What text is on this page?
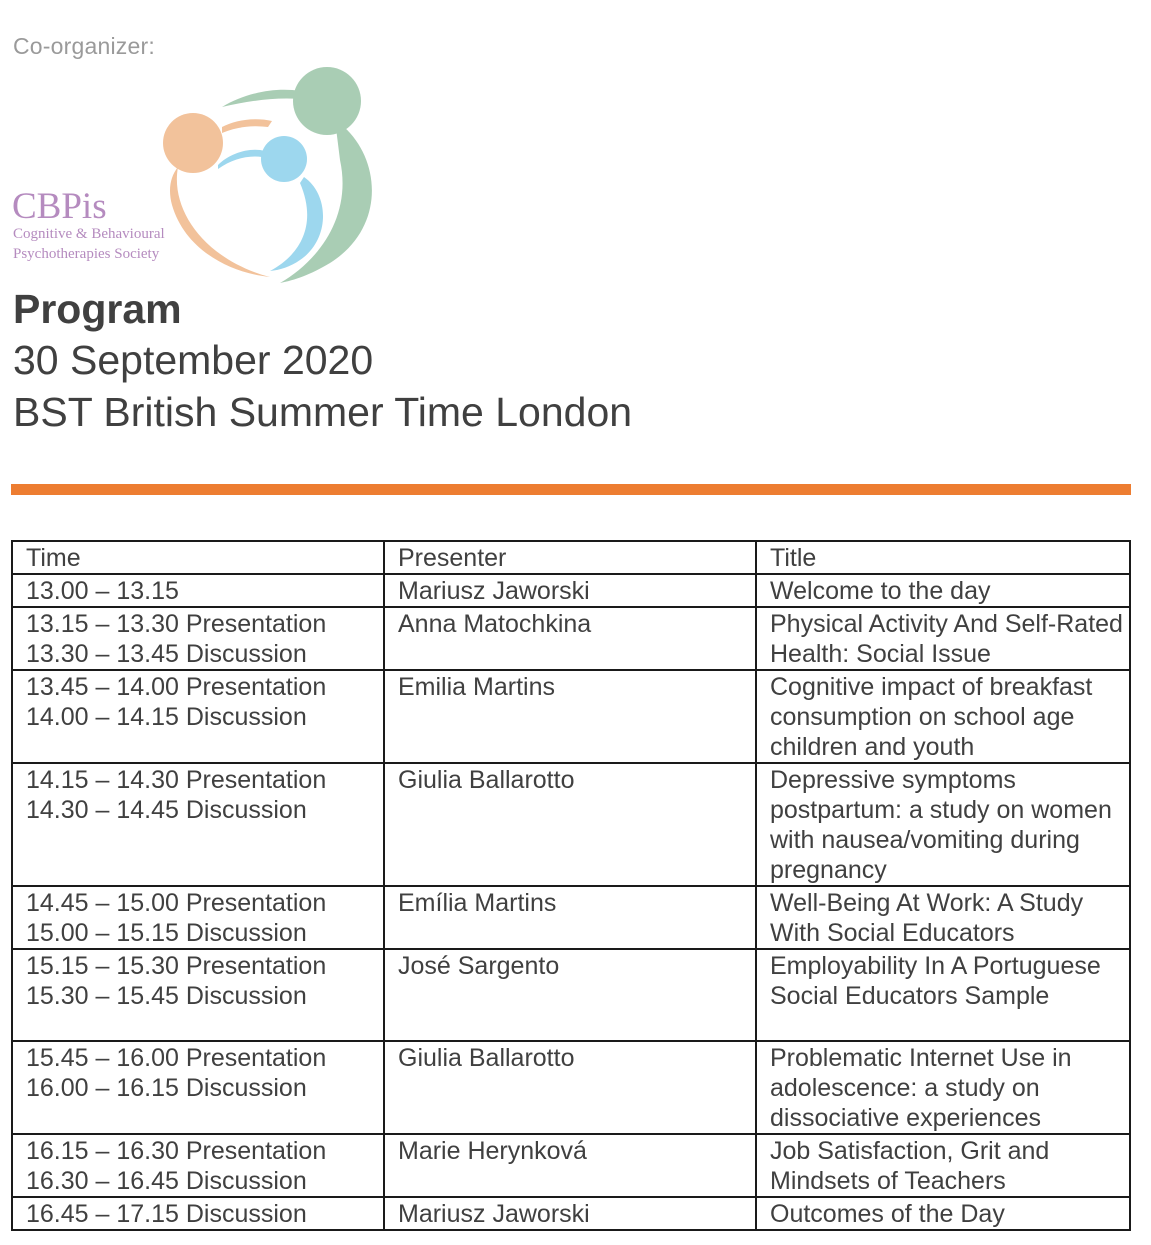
Co-organizer:
CBPis
Cognitive & Behavioural
Psychotherapies Society
Program
30 September 2020
BST British Summer Time London
Time	Presenter	Title

13.00 – 13.15	Mariusz Jaworski	Welcome to the day

13.15 – 13.30 Presentation
13.30 – 13.45 Discussion	Anna Matochkina	Physical Activity And Self-Rated Health: Social Issue

13.45 – 14.00 Presentation
14.00 – 14.15 Discussion	Emilia Martins	Cognitive impact of breakfast consumption on school age children and youth

14.15 – 14.30 Presentation
14.30 – 14.45 Discussion	Giulia Ballarotto	Depressive symptoms postpartum: a study on women with nausea/vomiting during pregnancy

14.45 – 15.00 Presentation
15.00 – 15.15 Discussion	Emília Martins	Well-Being At Work: A Study With Social Educators

15.15 – 15.30 Presentation
15.30 – 15.45 Discussion	José Sargento	Employability In A Portuguese Social Educators Sample

15.45 – 16.00 Presentation
16.00 – 16.15 Discussion	Giulia Ballarotto	Problematic Internet Use in adolescence: a study on dissociative experiences

16.15 – 16.30 Presentation
16.30 – 16.45 Discussion	Marie Herynková	Job Satisfaction, Grit and Mindsets of Teachers

16.45 – 17.15 Discussion	Mariusz Jaworski	Outcomes of the Day
